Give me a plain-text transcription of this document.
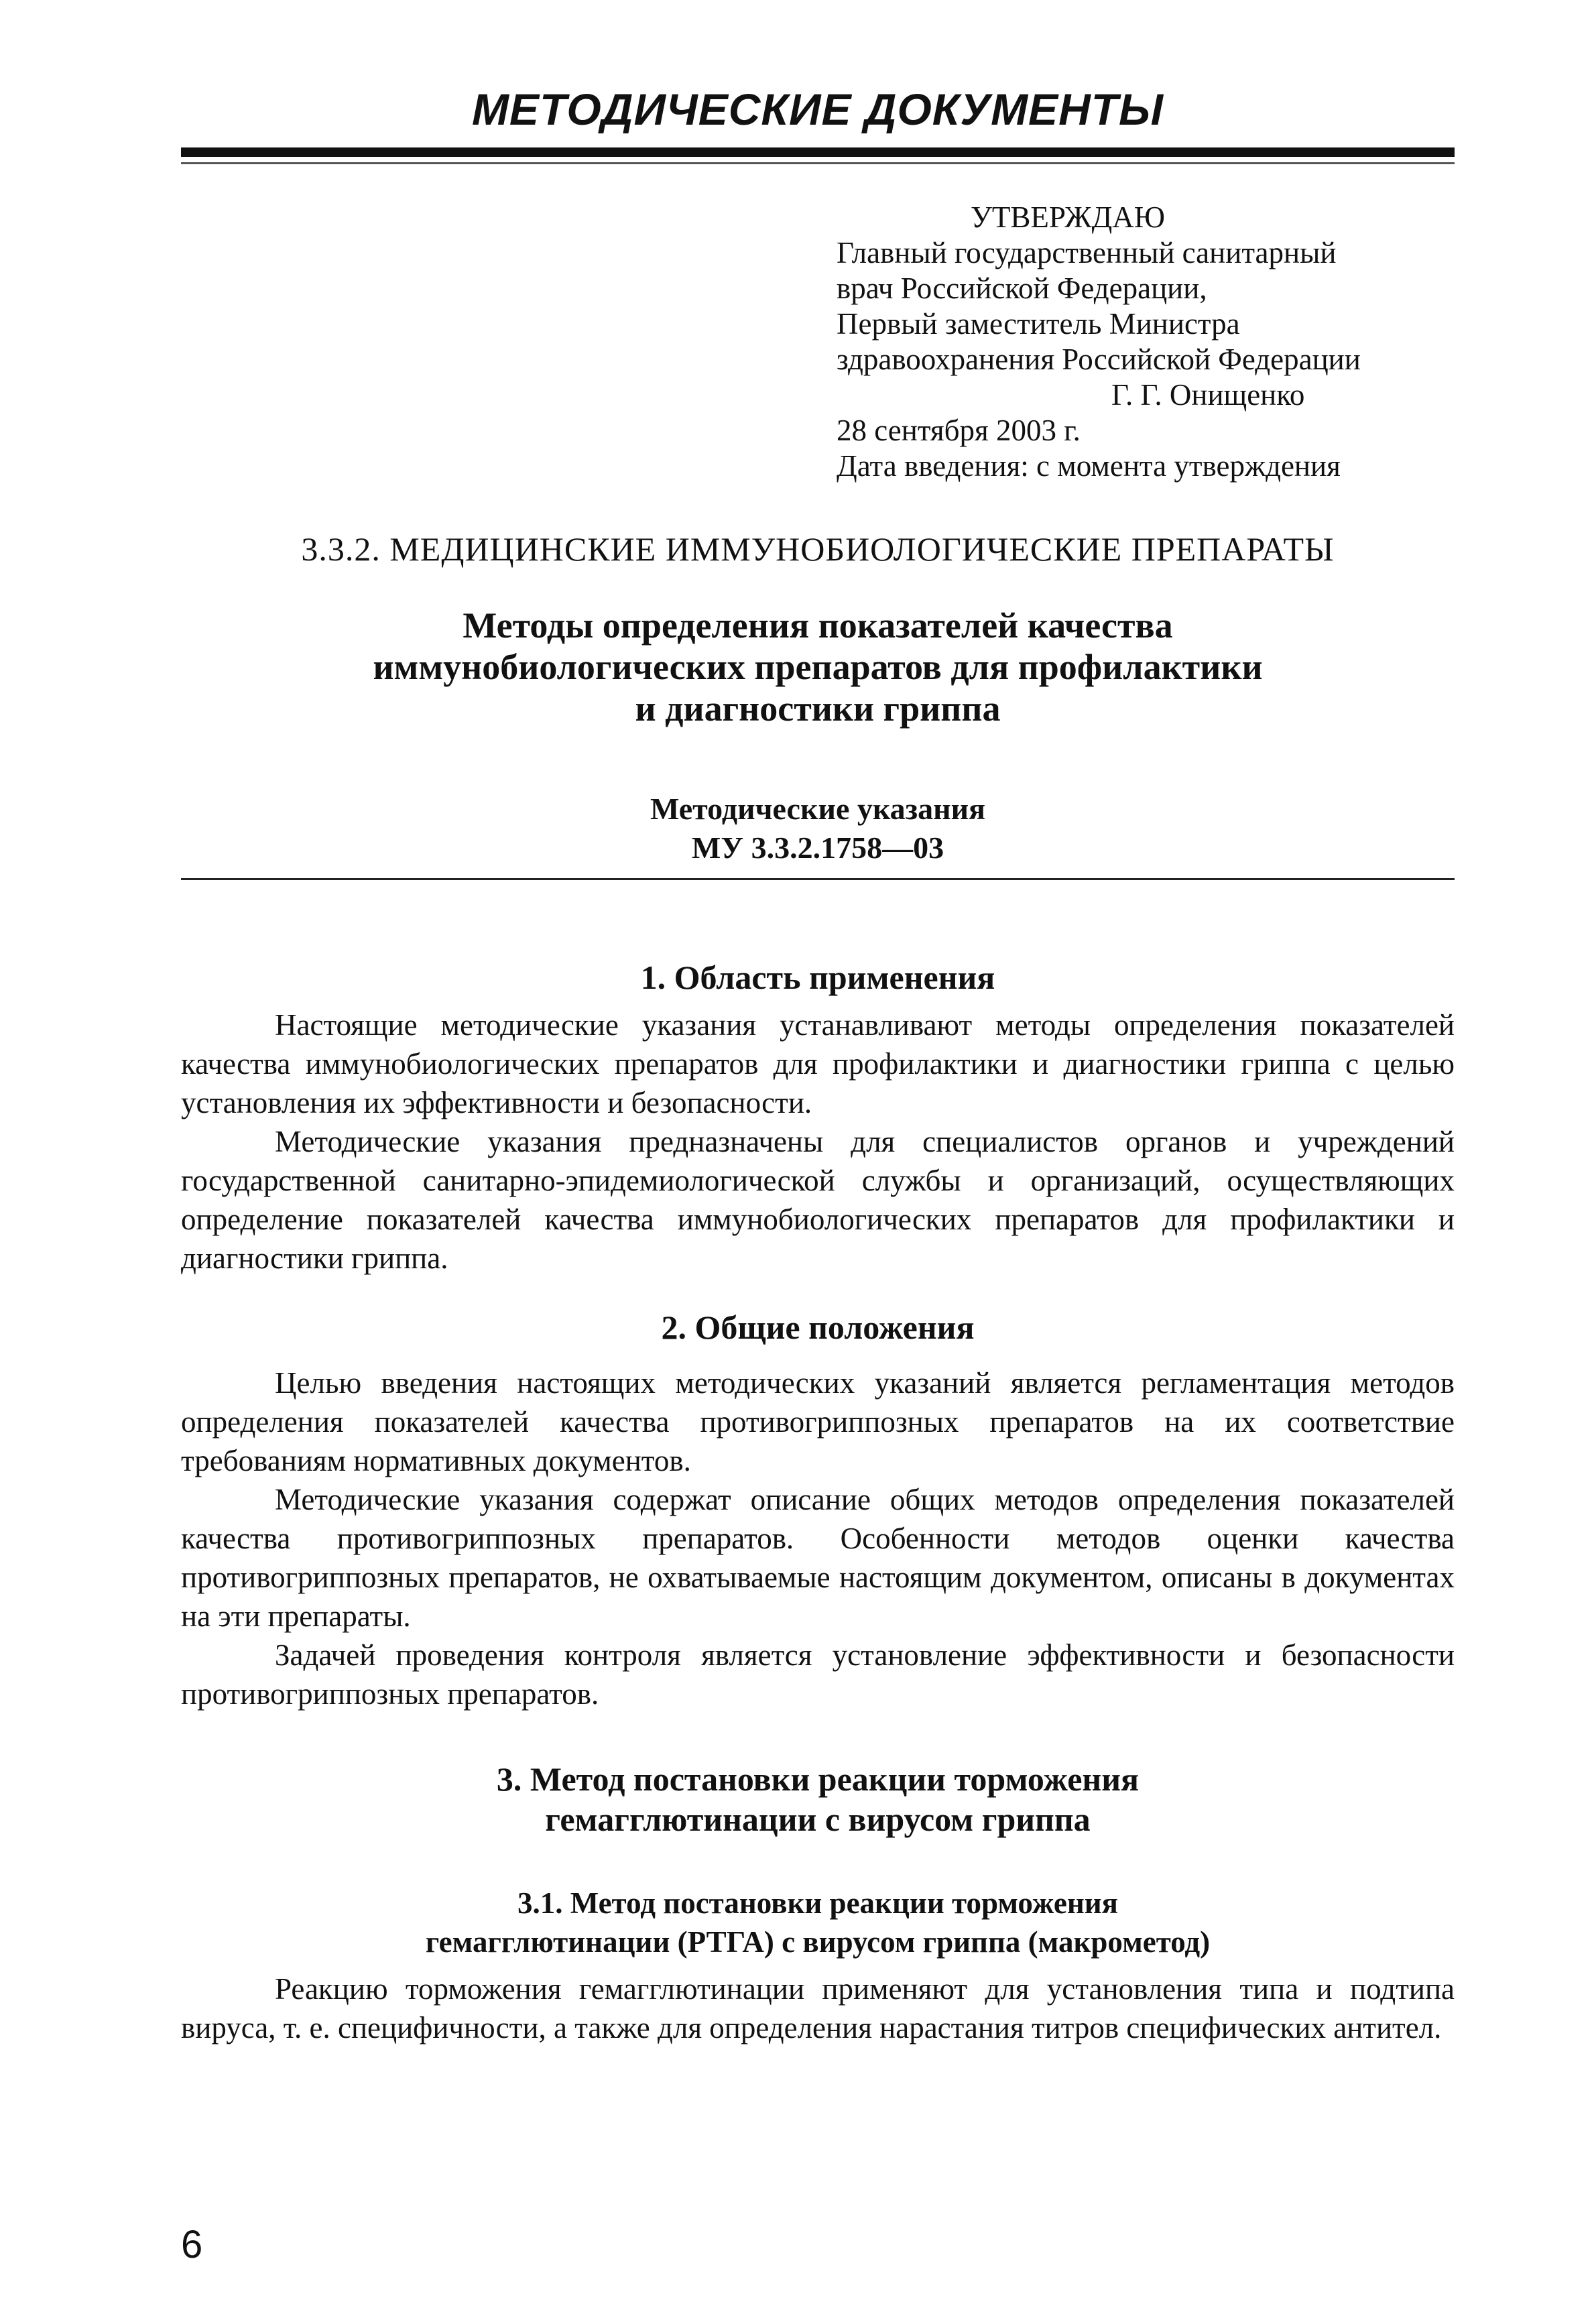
МЕТОДИЧЕСКИЕ ДОКУМЕНТЫ
УТВЕРЖДАЮ
Главный государственный санитарный
врач Российской Федерации,
Первый заместитель Министра
здравоохранения Российской Федерации
Г. Г. Онищенко
28 сентября 2003 г.
Дата введения: с момента утверждения
3.3.2. МЕДИЦИНСКИЕ ИММУНОБИОЛОГИЧЕСКИЕ ПРЕПАРАТЫ
Методы определения показателей качества
иммунобиологических препаратов для профилактики
и диагностики гриппа
Методические указания
МУ 3.3.2.1758—03
1. Область применения

Настоящие методические указания устанавливают методы определения показателей качества иммунобиологических препаратов для профилактики и диагностики гриппа с целью установления их эффективности и безопасности.

Методические указания предназначены для специалистов органов и учреждений государственной санитарно-эпидемиологической службы и организаций, осуществляющих определение показателей качества иммунобиологических препаратов для профилактики и диагностики гриппа.

2. Общие положения

Целью введения настоящих методических указаний является регламентация методов определения показателей качества противогриппозных препаратов на их соответствие требованиям нормативных документов.

Методические указания содержат описание общих методов определения показателей качества противогриппозных препаратов. Особенности методов оценки качества противогриппозных препаратов, не охватываемые настоящим документом, описаны в документах на эти препараты.

Задачей проведения контроля является установление эффективности и безопасности противогриппозных препаратов.

3. Метод постановки реакции торможения
гемагглютинации с вирусом гриппа
3.1. Метод постановки реакции торможения
гемагглютинации (РТГА) с вирусом гриппа (макрометод)

Реакцию торможения гемагглютинации применяют для установления типа и подтипа вируса, т. е. специфичности, а также для определения нарастания титров специфических антител.

6
